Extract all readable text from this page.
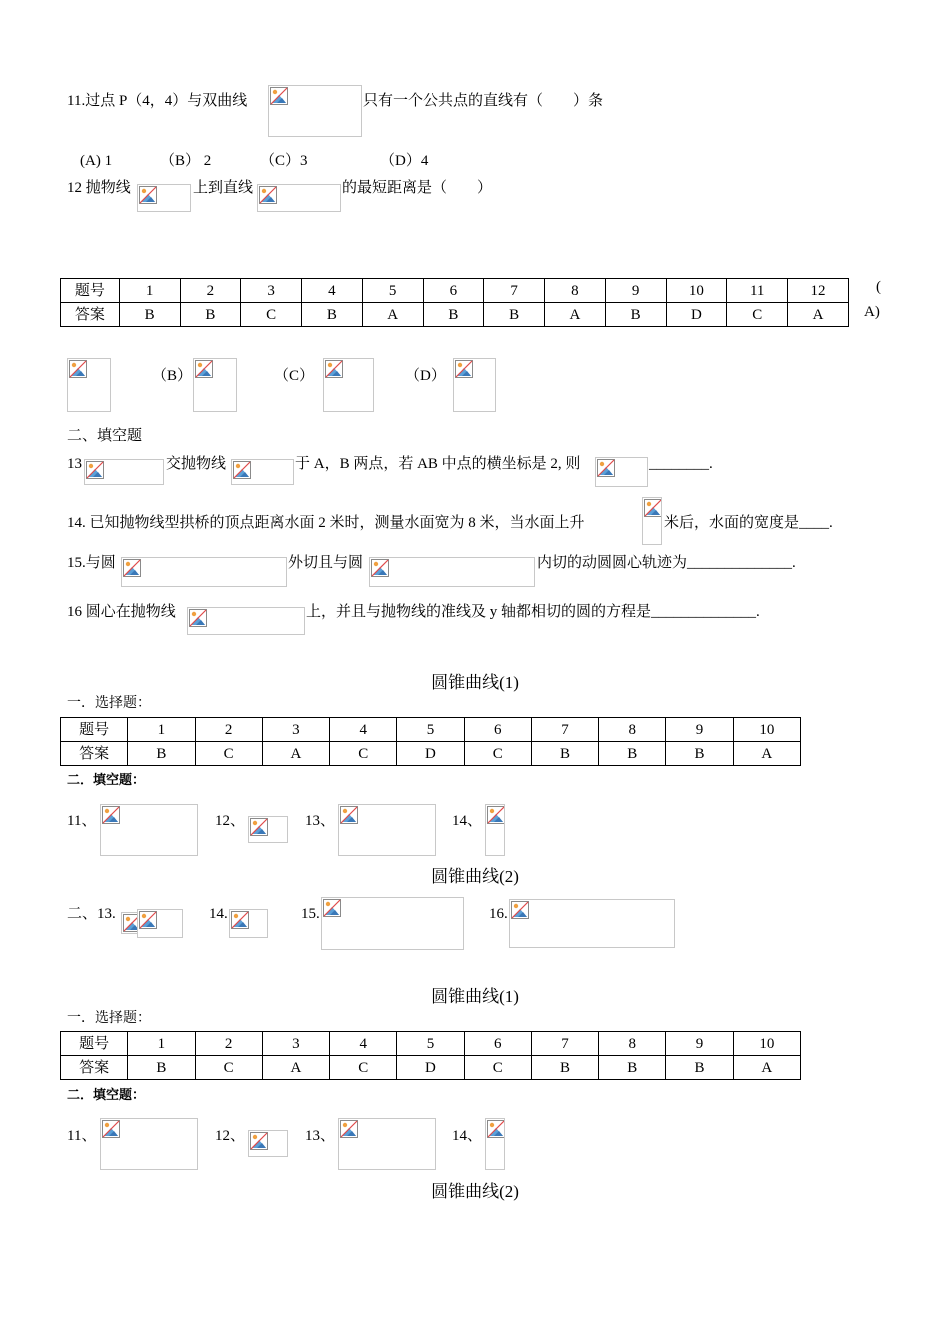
11.过点 P（4，4）与双曲线	只有一个公共点的直线有（　　）条
(A) 1	（B） 2	（C）3	（D）4
12 抛物线	上到直线	的最短距离是（　　）
题号	1	2	3	4	5	6	7	8	9	10	11	12
答案	B	B	C	B	A	B	B	A	B	D	C	A
(
A)
（B）	（C）	（D）
二、填空题
13	交抛物线	于 A，B 两点，若 AB 中点的横坐标是 2, 则	________.
14. 已知抛物线型拱桥的顶点距离水面 2 米时，测量水面宽为 8 米，当水面上升	米后，水面的宽度是____.
15.与圆	外切且与圆	内切的动圆圆心轨迹为______________.
16 圆心在抛物线	上，并且与抛物线的准线及 y 轴都相切的圆的方程是______________.
圆锥曲线(1)
一．选择题：
题号	1	2	3	4	5	6	7	8	9	10
答案	B	C	A	C	D	C	B	B	B	A
二．填空题：
11、	12、	13、	14、
圆锥曲线(2)
二、13.	14.	15.	16.
圆锥曲线(1)
一．选择题：
题号	1	2	3	4	5	6	7	8	9	10
答案	B	C	A	C	D	C	B	B	B	A
二．填空题：
11、	12、	13、	14、
圆锥曲线(2)
